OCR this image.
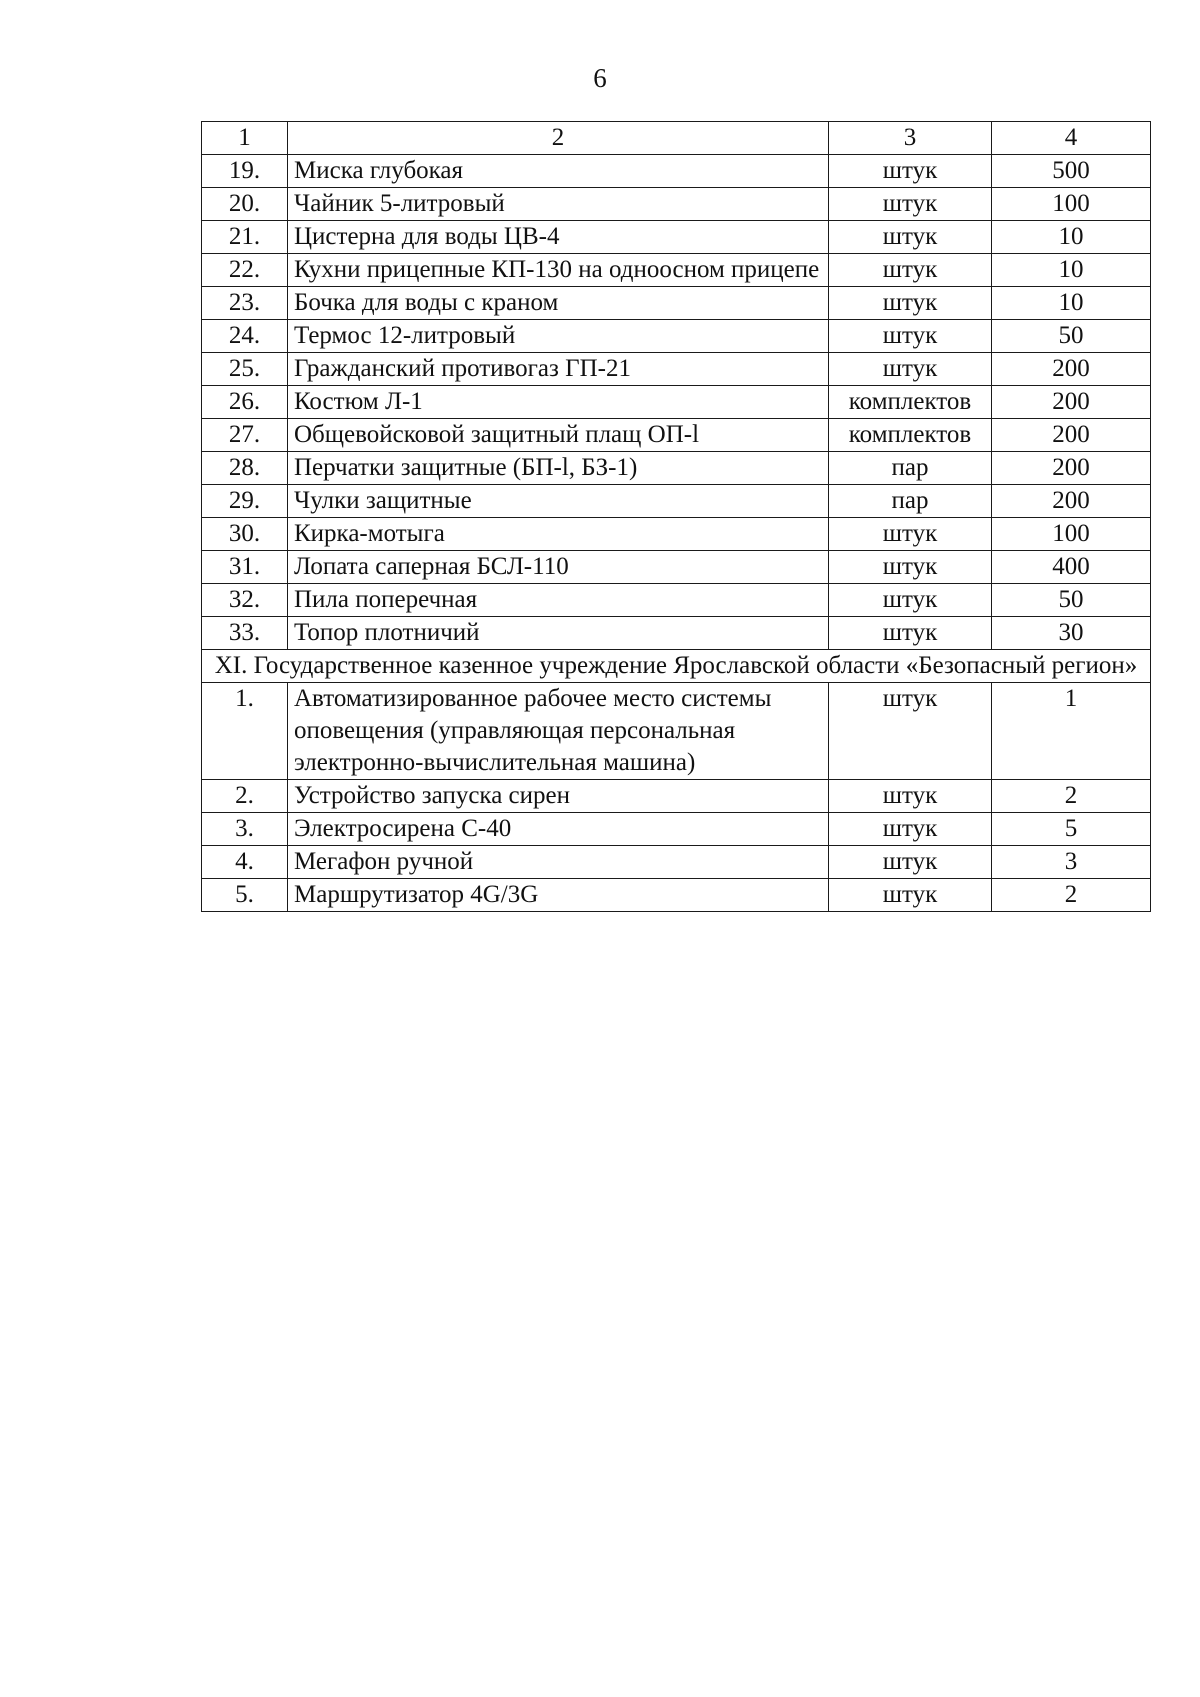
6
1	2	3	4
19.	Миска глубокая	штук	500
20.	Чайник 5-литровый	штук	100
21.	Цистерна для воды ЦВ-4	штук	10
22.	Кухни прицепные КП-130 на одноосном прицепе	штук	10
23.	Бочка для воды с краном	штук	10
24.	Термос 12-литровый	штук	50
25.	Гражданский противогаз ГП-21	штук	200
26.	Костюм Л-1	комплектов	200
27.	Общевойсковой защитный плащ ОП-l	комплектов	200
28.	Перчатки защитные (БП-l, БЗ-1)	пар	200
29.	Чулки защитные	пар	200
30.	Кирка-мотыга	штук	100
31.	Лопата саперная БСЛ-110	штук	400
32.	Пила поперечная	штук	50
33.	Топор плотничий	штук	30
XI. Государственное казенное учреждение Ярославской области «Безопасный регион»			
1.	Автоматизированное рабочее место системы оповещения (управляющая персональная электронно-вычислительная машина)	штук	1
2.	Устройство запуска сирен	штук	2
3.	Электросирена С-40	штук	5
4.	Мегафон ручной	штук	3
5.	Маршрутизатор 4G/3G	штук	2
